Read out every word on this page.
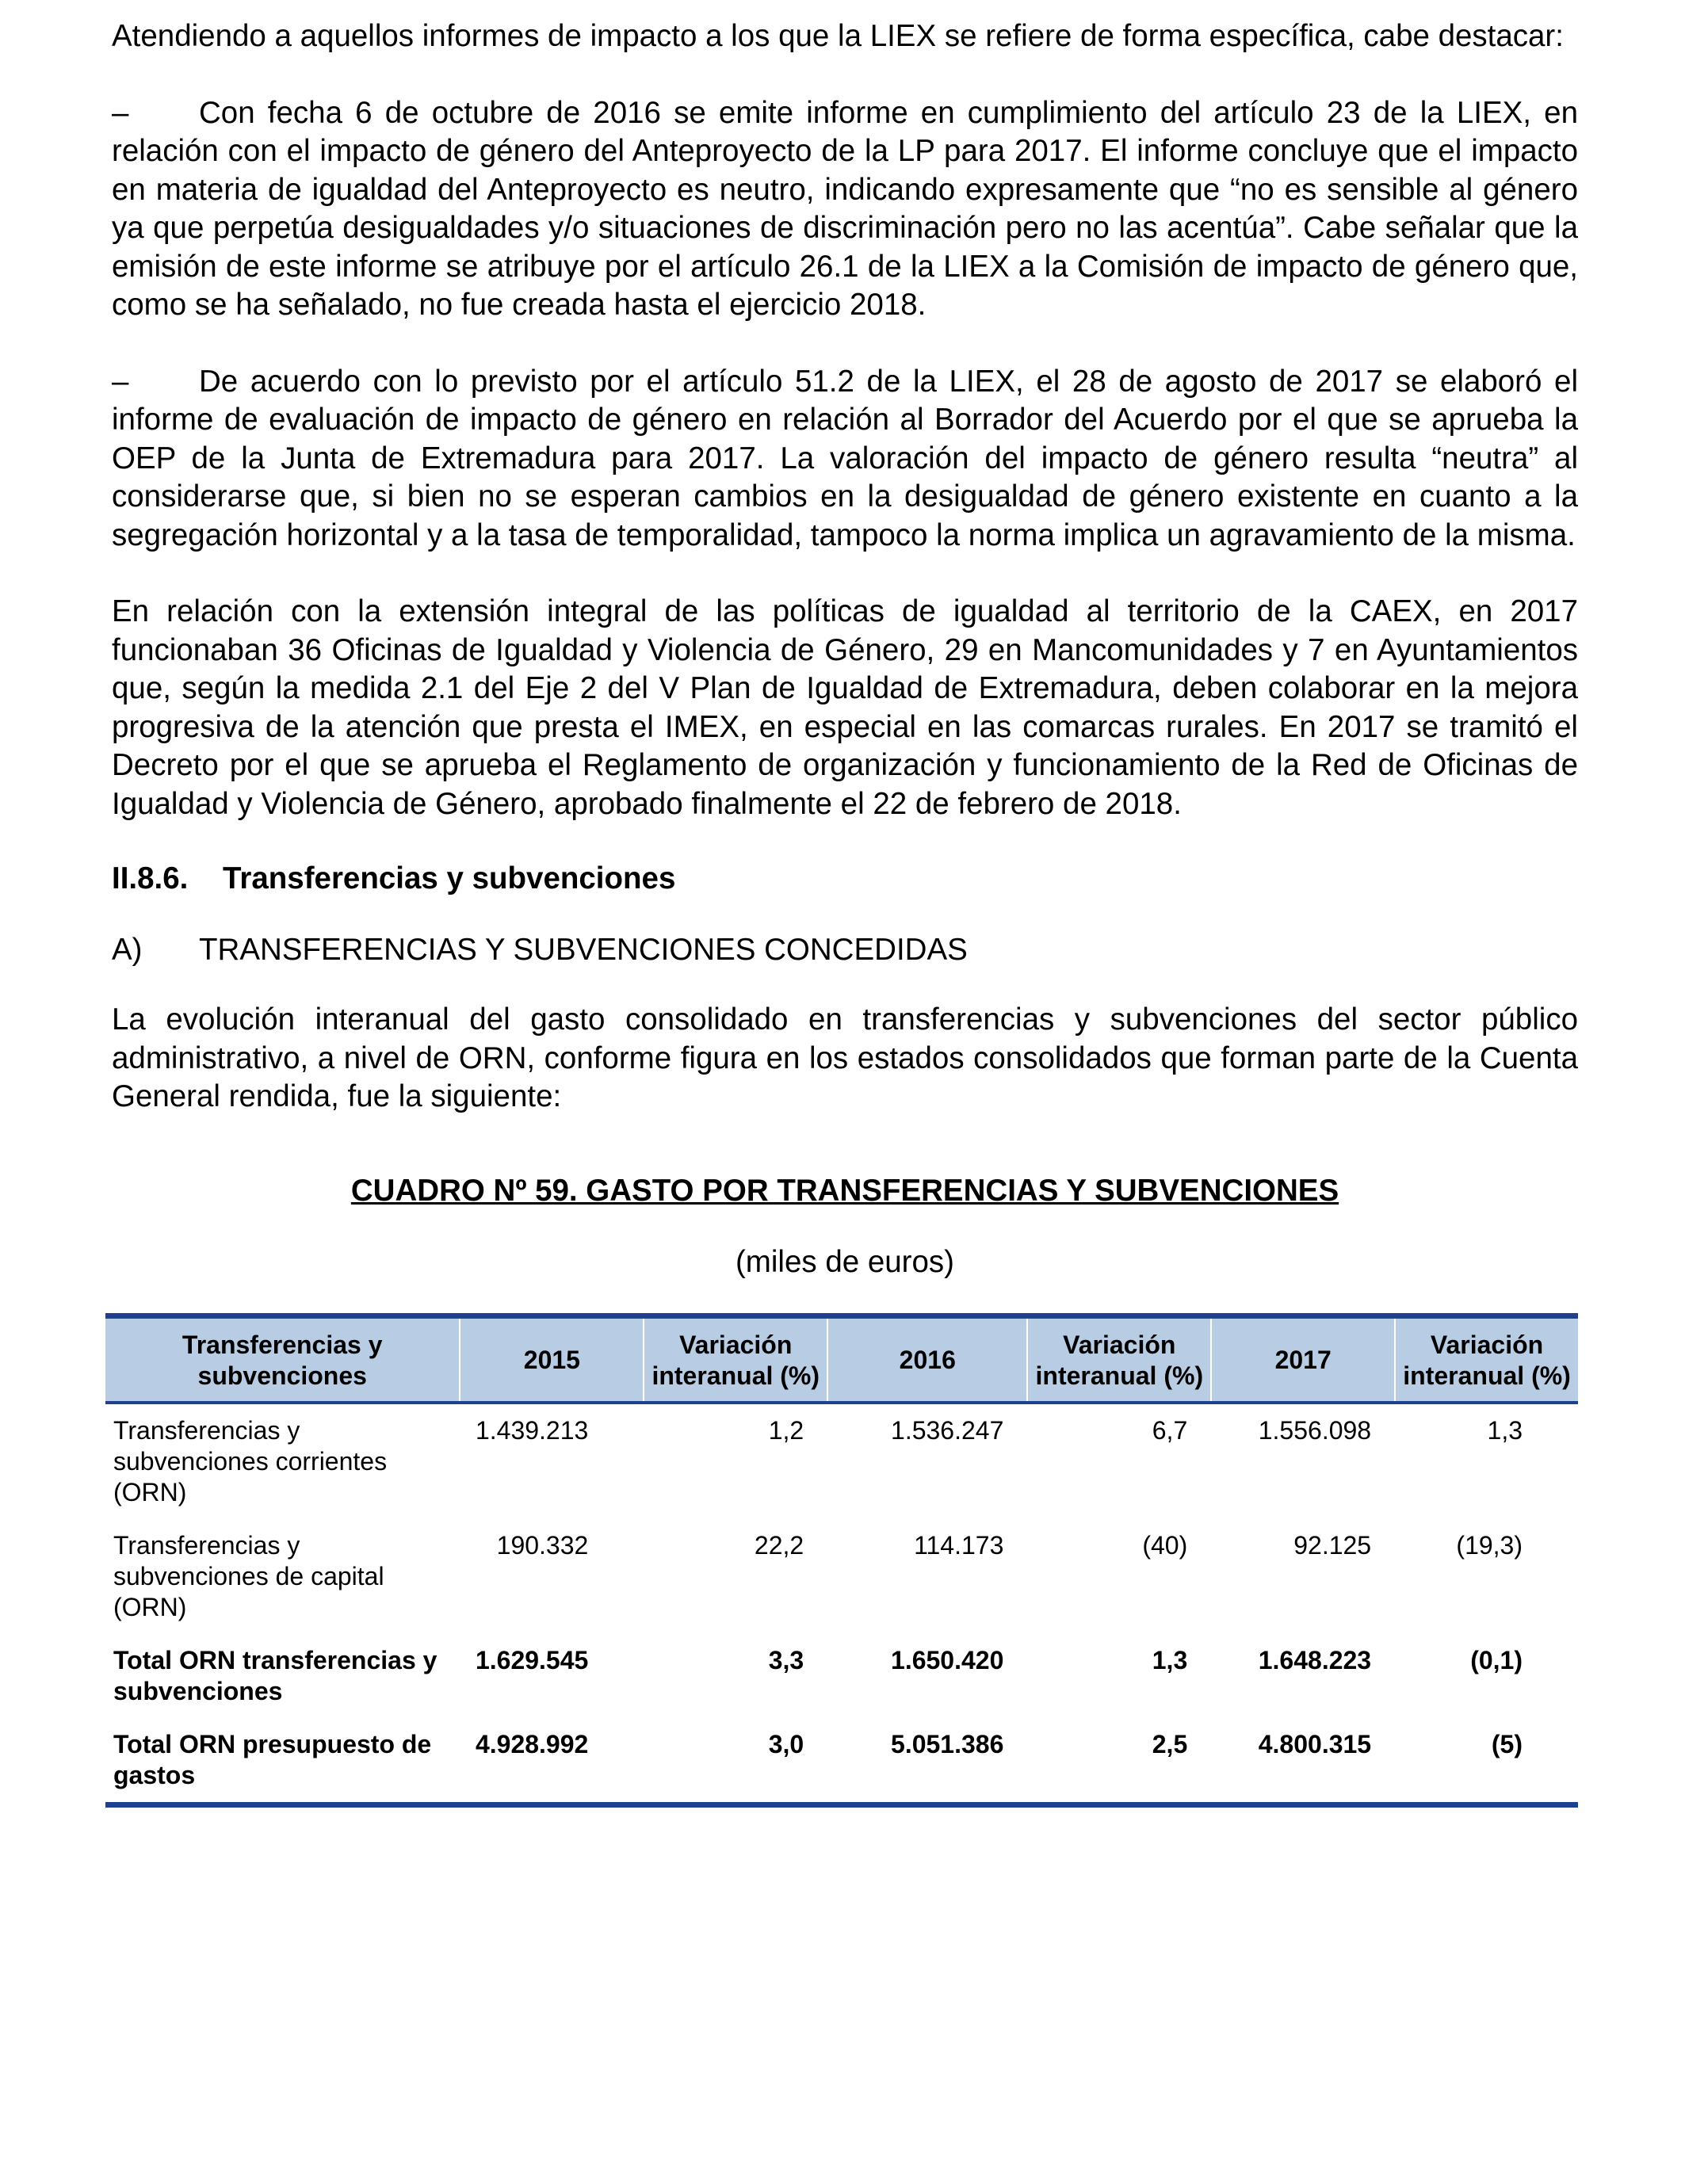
Atendiendo a aquellos informes de impacto a los que la LIEX se refiere de forma específica, cabe destacar:

– Con fecha 6 de octubre de 2016 se emite informe en cumplimiento del artículo 23 de la LIEX, en relación con el impacto de género del Anteproyecto de la LP para 2017. El informe concluye que el impacto en materia de igualdad del Anteproyecto es neutro, indicando expresamente que “no es sensible al género ya que perpetúa desigualdades y/o situaciones de discriminación pero no las acentúa”. Cabe señalar que la emisión de este informe se atribuye por el artículo 26.1 de la LIEX a la Comisión de impacto de género que, como se ha señalado, no fue creada hasta el ejercicio 2018.

– De acuerdo con lo previsto por el artículo 51.2 de la LIEX, el 28 de agosto de 2017 se elaboró el informe de evaluación de impacto de género en relación al Borrador del Acuerdo por el que se aprueba la OEP de la Junta de Extremadura para 2017. La valoración del impacto de género resulta “neutra” al considerarse que, si bien no se esperan cambios en la desigualdad de género existente en cuanto a la segregación horizontal y a la tasa de temporalidad, tampoco la norma implica un agravamiento de la misma.

En relación con la extensión integral de las políticas de igualdad al territorio de la CAEX, en 2017 funcionaban 36 Oficinas de Igualdad y Violencia de Género, 29 en Mancomunidades y 7 en Ayuntamientos que, según la medida 2.1 del Eje 2 del V Plan de Igualdad de Extremadura, deben colaborar en la mejora progresiva de la atención que presta el IMEX, en especial en las comarcas rurales. En 2017 se tramitó el Decreto por el que se aprueba el Reglamento de organización y funcionamiento de la Red de Oficinas de Igualdad y Violencia de Género, aprobado finalmente el 22 de febrero de 2018.

II.8.6. Transferencias y subvenciones
A) TRANSFERENCIAS Y SUBVENCIONES CONCEDIDAS

La evolución interanual del gasto consolidado en transferencias y subvenciones del sector público administrativo, a nivel de ORN, conforme figura en los estados consolidados que forman parte de la Cuenta General rendida, fue la siguiente:

CUADRO Nº 59. GASTO POR TRANSFERENCIAS Y SUBVENCIONES
(miles de euros)
Transferencias y subvenciones	2015	Variación interanual (%)	2016	Variación interanual (%)	2017	Variación interanual (%)
Transferencias y subvenciones corrientes (ORN)	1.439.213	1,2	1.536.247	6,7	1.556.098	1,3
Transferencias y subvenciones de capital (ORN)	190.332	22,2	114.173	(40)	92.125	(19,3)
Total ORN transferencias y subvenciones	1.629.545	3,3	1.650.420	1,3	1.648.223	(0,1)
Total ORN presupuesto de gastos	4.928.992	3,0	5.051.386	2,5	4.800.315	(5)
